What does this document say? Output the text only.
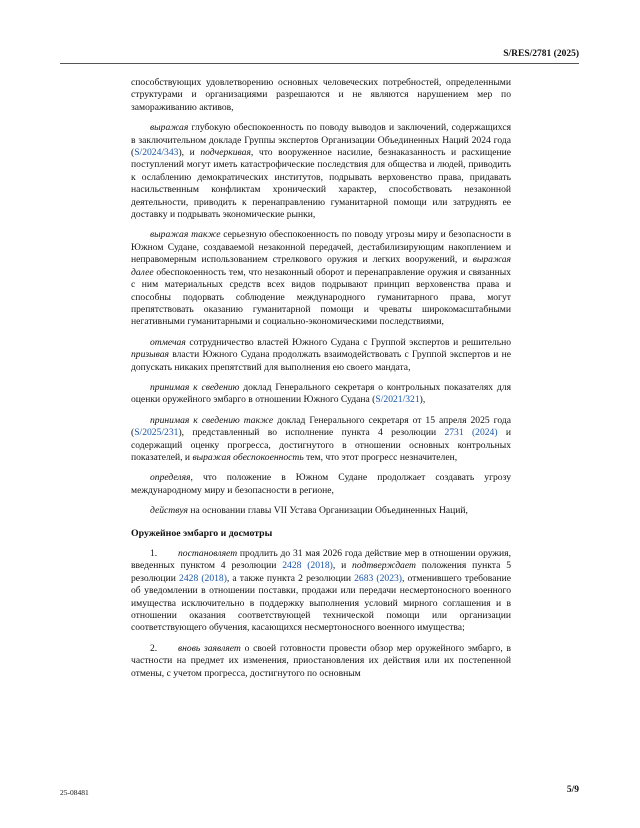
S/RES/2781 (2025)

способствующих удовлетворению основных человеческих потребностей, определенными структурами и организациями разрешаются и не являются нарушением мер по замораживанию активов,

выражая глубокую обеспокоенность по поводу выводов и заключений, содержащихся в заключительном докладе Группы экспертов Организации Объединенных Наций 2024 года (S/2024/343), и подчеркивая, что вооруженное насилие, безнаказанность и расхищение поступлений могут иметь катастрофические последствия для общества и людей, приводить к ослаблению демократических институтов, подрывать верховенство права, придавать насильственным конфликтам хронический характер, способствовать незаконной деятельности, приводить к перенаправлению гуманитарной помощи или затруднять ее доставку и подрывать экономические рынки,

выражая также серьезную обеспокоенность по поводу угрозы миру и безопасности в Южном Судане, создаваемой незаконной передачей, дестабилизирующим накоплением и неправомерным использованием стрелкового оружия и легких вооружений, и выражая далее обеспокоенность тем, что незаконный оборот и перенаправление оружия и связанных с ним материальных средств всех видов подрывают принцип верховенства права и способны подорвать соблюдение международного гуманитарного права, могут препятствовать оказанию гуманитарной помощи и чреваты широкомасштабными негативными гуманитарными и социально-экономическими последствиями,

отмечая сотрудничество властей Южного Судана с Группой экспертов и решительно призывая власти Южного Судана продолжать взаимодействовать с Группой экспертов и не допускать никаких препятствий для выполнения ею своего мандата,

принимая к сведению доклад Генерального секретаря о контрольных показателях для оценки оружейного эмбарго в отношении Южного Судана (S/2021/321),

принимая к сведению также доклад Генерального секретаря от 15 апреля 2025 года (S/2025/231), представленный во исполнение пункта 4 резолюции 2731 (2024) и содержащий оценку прогресса, достигнутого в отношении основных контрольных показателей, и выражая обеспокоенность тем, что этот прогресс незначителен,

определяя, что положение в Южном Судане продолжает создавать угрозу международному миру и безопасности в регионе,

действуя на основании главы VII Устава Организации Объединенных Наций,

Оружейное эмбарго и досмотры

1. постановляет продлить до 31 мая 2026 года действие мер в отношении оружия, введенных пунктом 4 резолюции 2428 (2018), и подтверждает положения пункта 5 резолюции 2428 (2018), а также пункта 2 резолюции 2683 (2023), отменившего требование об уведомлении в отношении поставки, продажи или передачи несмертоносного военного имущества исключительно в поддержку выполнения условий мирного соглашения и в отношении оказания соответствующей технической помощи или организации соответствующего обучения, касающихся несмертоносного военного имущества;

2. вновь заявляет о своей готовности провести обзор мер оружейного эмбарго, в частности на предмет их изменения, приостановления их действия или их постепенной отмены, с учетом прогресса, достигнутого по основным

25-08481	5/9
